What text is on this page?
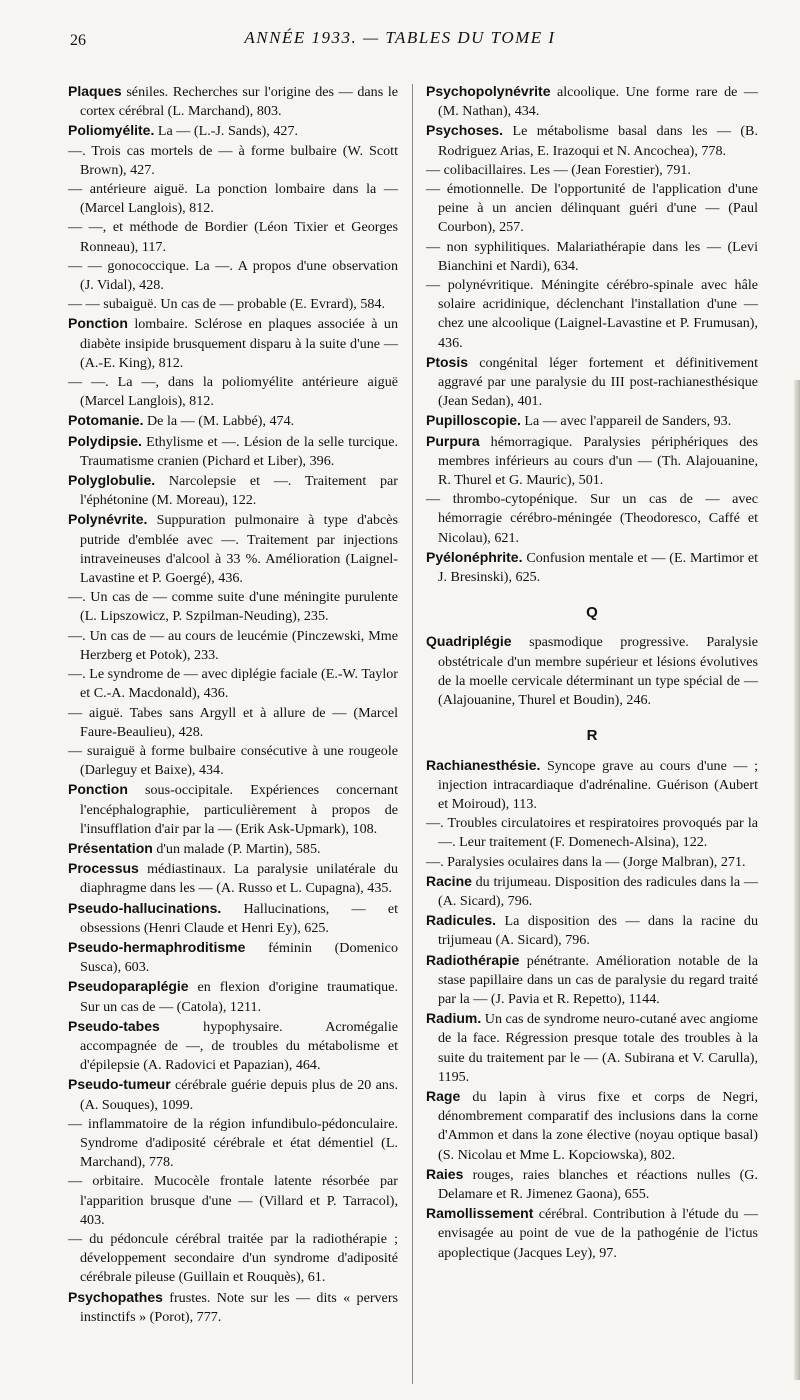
26	ANNÉE 1933. — TABLES DU TOME I

Plaques séniles. Recherches sur l'origine des — dans le cortex cérébral (L. Marchand), 803.

Poliomyélite. La — (L.-J. Sands), 427.

—. Trois cas mortels de — à forme bulbaire (W. Scott Brown), 427.

— antérieure aiguë. La ponction lombaire dans la — (Marcel Langlois), 812.

— —, et méthode de Bordier (Léon Tixier et Georges Ronneau), 117.

— — gonococcique. La —. A propos d'une observation (J. Vidal), 428.

— — subaiguë. Un cas de — probable (E. Evrard), 584.

Ponction lombaire. Sclérose en plaques associée à un diabète insipide brusquement disparu à la suite d'une — (A.-E. King), 812.

— —. La —, dans la poliomyélite antérieure aiguë (Marcel Langlois), 812.

Potomanie. De la — (M. Labbé), 474.

Polydipsie. Ethylisme et —. Lésion de la selle turcique. Traumatisme cranien (Pichard et Liber), 396.

Polyglobulie. Narcolepsie et —. Traitement par l'éphétonine (M. Moreau), 122.

Polynévrite. Suppuration pulmonaire à type d'abcès putride d'emblée avec —. Traitement par injections intraveineuses d'alcool à 33 %. Amélioration (Laignel-Lavastine et P. Goergé), 436.

—. Un cas de — comme suite d'une méningite purulente (L. Lipszowicz, P. Szpilman-Neuding), 235.

—. Un cas de — au cours de leucémie (Pinczewski, Mme Herzberg et Potok), 233.

—. Le syndrome de — avec diplégie faciale (E.-W. Taylor et C.-A. Macdonald), 436.

— aiguë. Tabes sans Argyll et à allure de — (Marcel Faure-Beaulieu), 428.

— suraiguë à forme bulbaire consécutive à une rougeole (Darleguy et Baixe), 434.

Ponction sous-occipitale. Expériences concernant l'encéphalographie, particulièrement à propos de l'insufflation d'air par la — (Erik Ask-Upmark), 108.

Présentation d'un malade (P. Martin), 585.

Processus médiastinaux. La paralysie unilatérale du diaphragme dans les — (A. Russo et L. Cupagna), 435.

Pseudo-hallucinations. Hallucinations, — et obsessions (Henri Claude et Henri Ey), 625.

Pseudo-hermaphroditisme féminin (Domenico Susca), 603.

Pseudoparaplégie en flexion d'origine traumatique. Sur un cas de — (Catola), 1211.

Pseudo-tabes hypophysaire. Acromégalie accompagnée de —, de troubles du métabolisme et d'épilepsie (A. Radovici et Papazian), 464.

Pseudo-tumeur cérébrale guérie depuis plus de 20 ans. (A. Souques), 1099.

— inflammatoire de la région infundibulo-pédonculaire. Syndrome d'adiposité cérébrale et état démentiel (L. Marchand), 778.

— orbitaire. Mucocèle frontale latente résorbée par l'apparition brusque d'une — (Villard et P. Tarracol), 403.

— du pédoncule cérébral traitée par la radiothérapie ; développement secondaire d'un syndrome d'adiposité cérébrale pileuse (Guillain et Rouquès), 61.

Psychopathes frustes. Note sur les — dits « pervers instinctifs » (Porot), 777.

Psychopolynévrite alcoolique. Une forme rare de — (M. Nathan), 434.

Psychoses. Le métabolisme basal dans les — (B. Rodriguez Arias, E. Irazoqui et N. Ancochea), 778.

— colibacillaires. Les — (Jean Forestier), 791.

— émotionnelle. De l'opportunité de l'application d'une peine à un ancien délinquant guéri d'une — (Paul Courbon), 257.

— non syphilitiques. Malariathérapie dans les — (Levi Bianchini et Nardi), 634.

— polynévritique. Méningite cérébro-spinale avec hâle solaire acridinique, déclenchant l'installation d'une — chez une alcoolique (Laignel-Lavastine et P. Frumusan), 436.

Ptosis congénital léger fortement et définitivement aggravé par une paralysie du III post-rachianesthésique (Jean Sedan), 401.

Pupilloscopie. La — avec l'appareil de Sanders, 93.

Purpura hémorragique. Paralysies périphériques des membres inférieurs au cours d'un — (Th. Alajouanine, R. Thurel et G. Mauric), 501.

— thrombo-cytopénique. Sur un cas de — avec hémorragie cérébro-méningée (Theodoresco, Caffé et Nicolau), 621.

Pyélonéphrite. Confusion mentale et — (E. Martimor et J. Bresinski), 625.

Q

Quadriplégie spasmodique progressive. Paralysie obstétricale d'un membre supérieur et lésions évolutives de la moelle cervicale déterminant un type spécial de — (Alajouanine, Thurel et Boudin), 246.

R

Rachianesthésie. Syncope grave au cours d'une — ; injection intracardiaque d'adrénaline. Guérison (Aubert et Moiroud), 113.

—. Troubles circulatoires et respiratoires provoqués par la —. Leur traitement (F. Domenech-Alsina), 122.

—. Paralysies oculaires dans la — (Jorge Malbran), 271.

Racine du trijumeau. Disposition des radicules dans la — (A. Sicard), 796.

Radicules. La disposition des — dans la racine du trijumeau (A. Sicard), 796.

Radiothérapie pénétrante. Amélioration notable de la stase papillaire dans un cas de paralysie du regard traité par la — (J. Pavia et R. Repetto), 1144.

Radium. Un cas de syndrome neuro-cutané avec angiome de la face. Régression presque totale des troubles à la suite du traitement par le — (A. Subirana et V. Carulla), 1195.

Rage du lapin à virus fixe et corps de Negri, dénombrement comparatif des inclusions dans la corne d'Ammon et dans la zone élective (noyau optique basal) (S. Nicolau et Mme L. Kopciowska), 802.

Raies rouges, raies blanches et réactions nulles (G. Delamare et R. Jimenez Gaona), 655.

Ramollissement cérébral. Contribution à l'étude du — envisagée au point de vue de la pathogénie de l'ictus apoplectique (Jacques Ley), 97.
